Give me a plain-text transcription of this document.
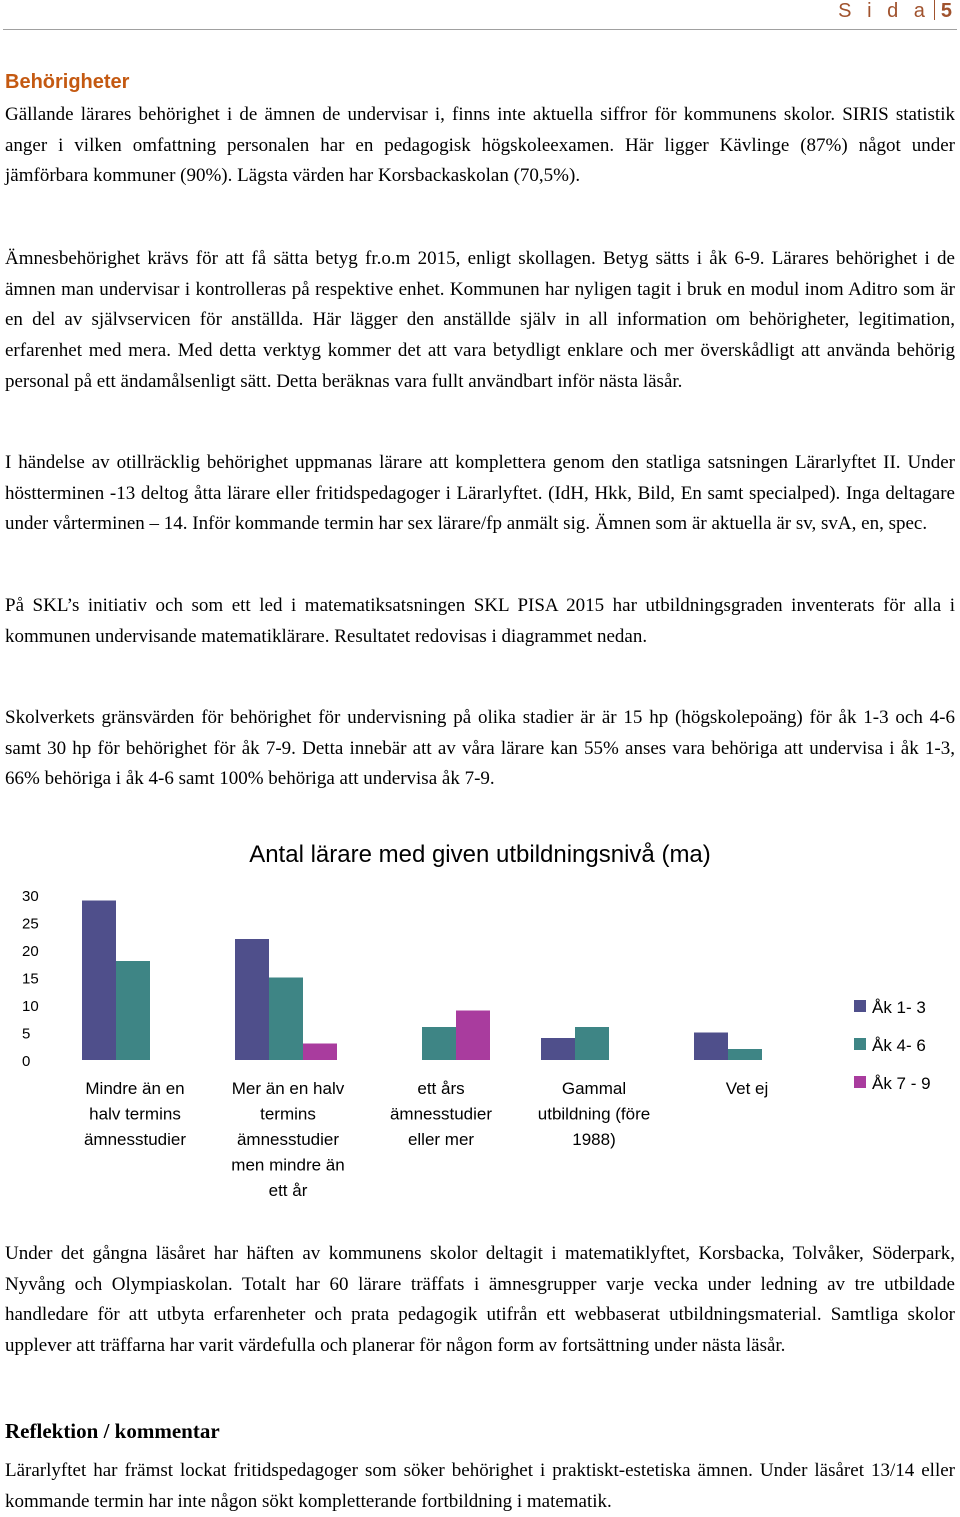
S i d a 5
Behörigheter

Gällande lärares behörighet i de ämnen de undervisar i, finns inte aktuella siffror för kommunens skolor. SIRIS statistik anger i vilken omfattning personalen har en pedagogisk högskoleexamen. Här ligger Kävlinge (87%) något under jämförbara kommuner (90%). Lägsta värden har Korsbackaskolan (70,5%).

Ämnesbehörighet krävs för att få sätta betyg fr.o.m 2015, enligt skollagen. Betyg sätts i åk 6-9. Lärares behörighet i de ämnen man undervisar i kontrolleras på respektive enhet. Kommunen har nyligen tagit i bruk en modul inom Aditro som är en del av självservicen för anställda. Här lägger den anställde själv in all information om behörigheter, legitimation, erfarenhet med mera. Med detta verktyg kommer det att vara betydligt enklare och mer överskådligt att använda behörig personal på ett ändamålsenligt sätt. Detta beräknas vara fullt användbart inför nästa läsår.

I händelse av otillräcklig behörighet uppmanas lärare att komplettera genom den statliga satsningen Lärarlyftet II. Under höstterminen -13 deltog åtta lärare eller fritidspedagoger i Lärarlyftet. (IdH, Hkk, Bild, En samt specialped). Inga deltagare under vårterminen – 14. Inför kommande termin har sex lärare/fp anmält sig. Ämnen som är aktuella är sv, svA, en, spec.

På SKL’s initiativ och som ett led i matematiksatsningen SKL PISA 2015 har utbildningsgraden inventerats för alla i kommunen undervisande matematiklärare. Resultatet redovisas i diagrammet nedan.

Skolverkets gränsvärden för behörighet för undervisning på olika stadier är är 15 hp (högskolepoäng) för åk 1-3 och 4-6 samt 30 hp för behörighet för åk 7-9. Detta innebär att av våra lärare kan 55% anses vara behöriga att undervisa i åk 1-3, 66% behöriga i åk 4-6 samt 100% behöriga att undervisa åk 7-9.

Antal lärare med given utbildningsnivå (ma)
30
25
20
15
10
5
0
Mindre än en halv termins ämnesstudier
Mer än en halv termins ämnesstudier men mindre än ett år
ett års ämnesstudier eller mer
Gammal utbildning (före 1988)
Vet ej
Åk 1- 3
Åk 4- 6
Åk 7 - 9

Under det gångna läsåret har häften av kommunens skolor deltagit i matematiklyftet, Korsbacka, Tolvåker, Söderpark, Nyvång och Olympiaskolan. Totalt har 60 lärare träffats i ämnesgrupper varje vecka under ledning av tre utbildade handledare för att utbyta erfarenheter och prata pedagogik utifrån ett webbaserat utbildningsmaterial. Samtliga skolor upplever att träffarna har varit värdefulla och planerar för någon form av fortsättning under nästa läsår.

Reflektion / kommentar

Lärarlyftet har främst lockat fritidspedagoger som söker behörighet i praktiskt-estetiska ämnen. Under läsåret 13/14 eller kommande termin har inte någon sökt kompletterande fortbildning i matematik.
